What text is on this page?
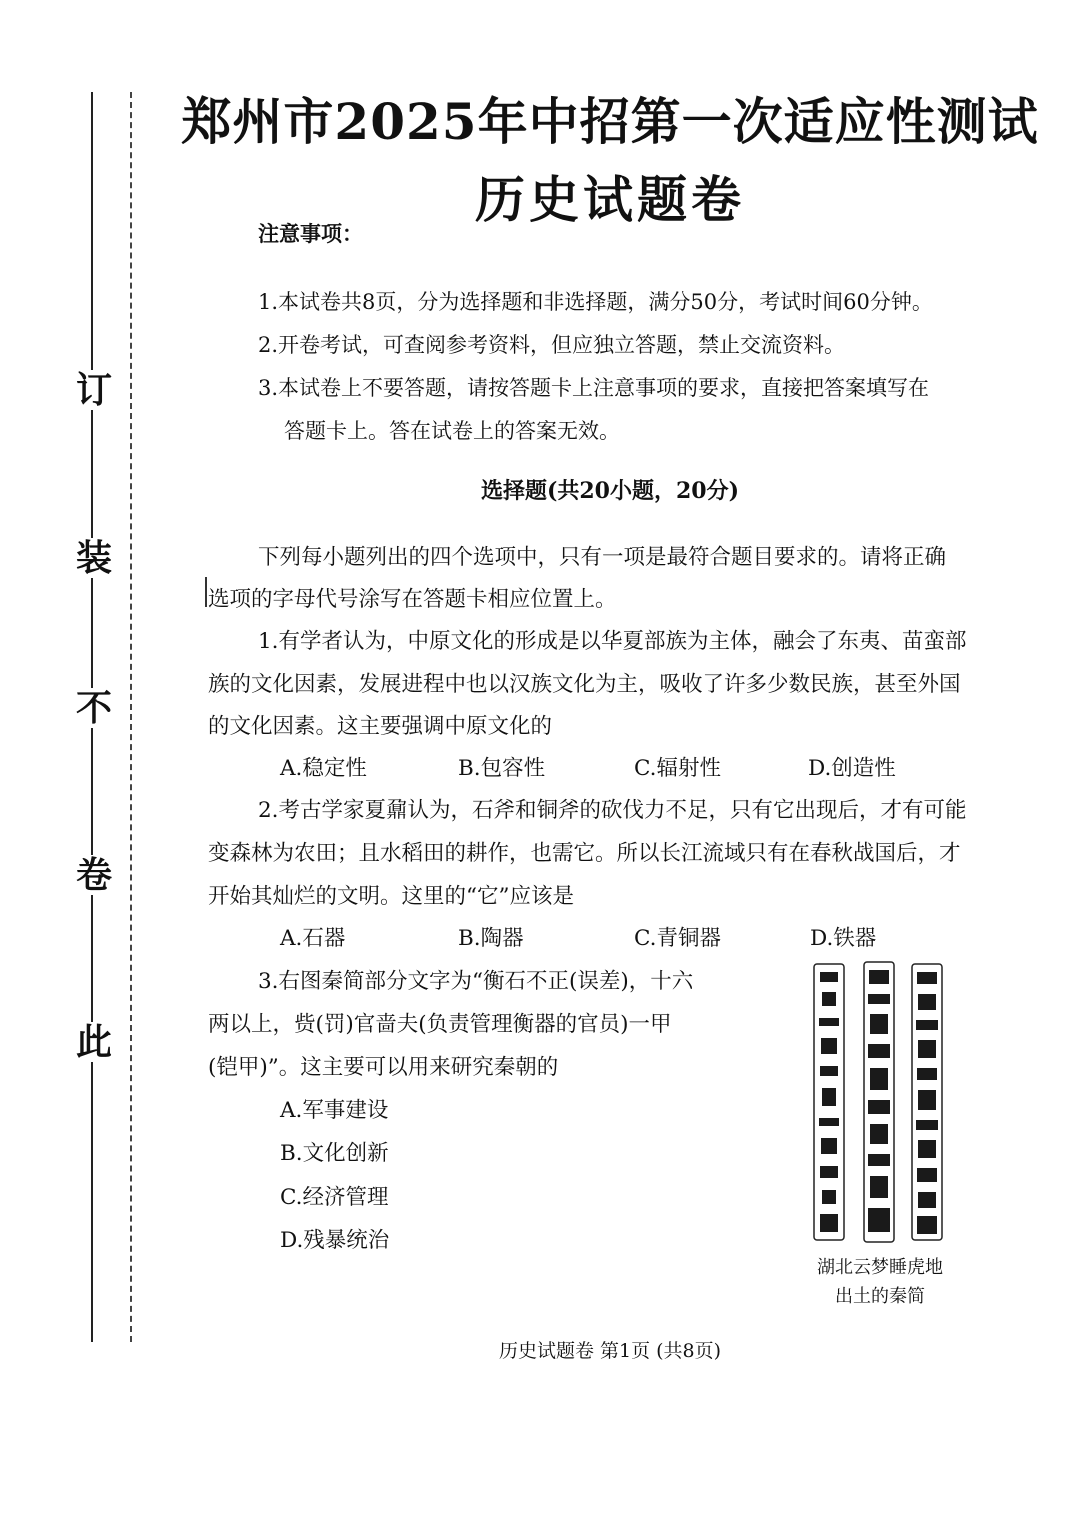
订
装
不
卷
此
郑州市2025年中招第一次适应性测试
历史试题卷
注意事项：
1.本试卷共8页，分为选择题和非选择题，满分50分，考试时间60分钟。
2.开卷考试，可查阅参考资料，但应独立答题，禁止交流资料。
3.本试卷上不要答题，请按答题卡上注意事项的要求，直接把答案填写在
答题卡上。答在试卷上的答案无效。
选择题(共20小题，20分)
下列每小题列出的四个选项中，只有一项是最符合题目要求的。请将正确
选项的字母代号涂写在答题卡相应位置上。
1.有学者认为，中原文化的形成是以华夏部族为主体，融会了东夷、苗蛮部
族的文化因素，发展进程中也以汉族文化为主，吸收了许多少数民族，甚至外国
的文化因素。这主要强调中原文化的
A.稳定性	B.包容性	C.辐射性	D.创造性
2.考古学家夏鼐认为，石斧和铜斧的砍伐力不足，只有它出现后，才有可能
变森林为农田；且水稻田的耕作，也需它。所以长江流域只有在春秋战国后，才
开始其灿烂的文明。这里的“它”应该是
A.石器	B.陶器	C.青铜器	D.铁器
3.右图秦简部分文字为“衡石不正(误差)，十六
两以上，赀(罚)官啬夫(负责管理衡器的官员)一甲
(铠甲)”。这主要可以用来研究秦朝的
A.军事建设
B.文化创新
C.经济管理
D.残暴统治
湖北云梦睡虎地
出土的秦简
历史试题卷 第1页 (共8页)
